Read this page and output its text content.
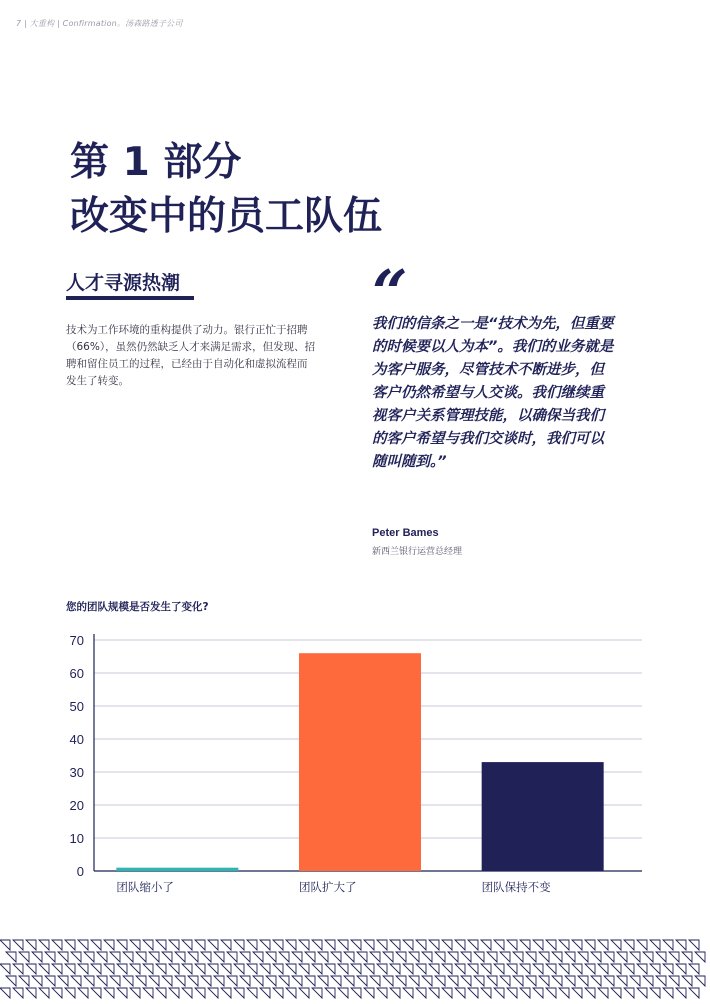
7 | 大重构 | Confirmation。汤森路透子公司
第 1 部分
改变中的员工队伍
人才寻源热潮
技术为工作环境的重构提供了动力。银行正忙于招聘（66%），虽然仍然缺乏人才来满足需求，但发现、招聘和留住员工的过程，已经由于自动化和虚拟流程而发生了转变。
“
我们的信条之一是“技术为先，但重要的时候要以人为本”。我们的业务就是为客户服务，尽管技术不断进步，但客户仍然希望与人交谈。我们继续重视客户关系管理技能，以确保当我们的客户希望与我们交谈时，我们可以随叫随到。”
Peter Bames
新西兰银行运营总经理
您的团队规模是否发生了变化?
0
10
20
30
40
50
60
70
团队缩小了	团队扩大了	团队保持不变
